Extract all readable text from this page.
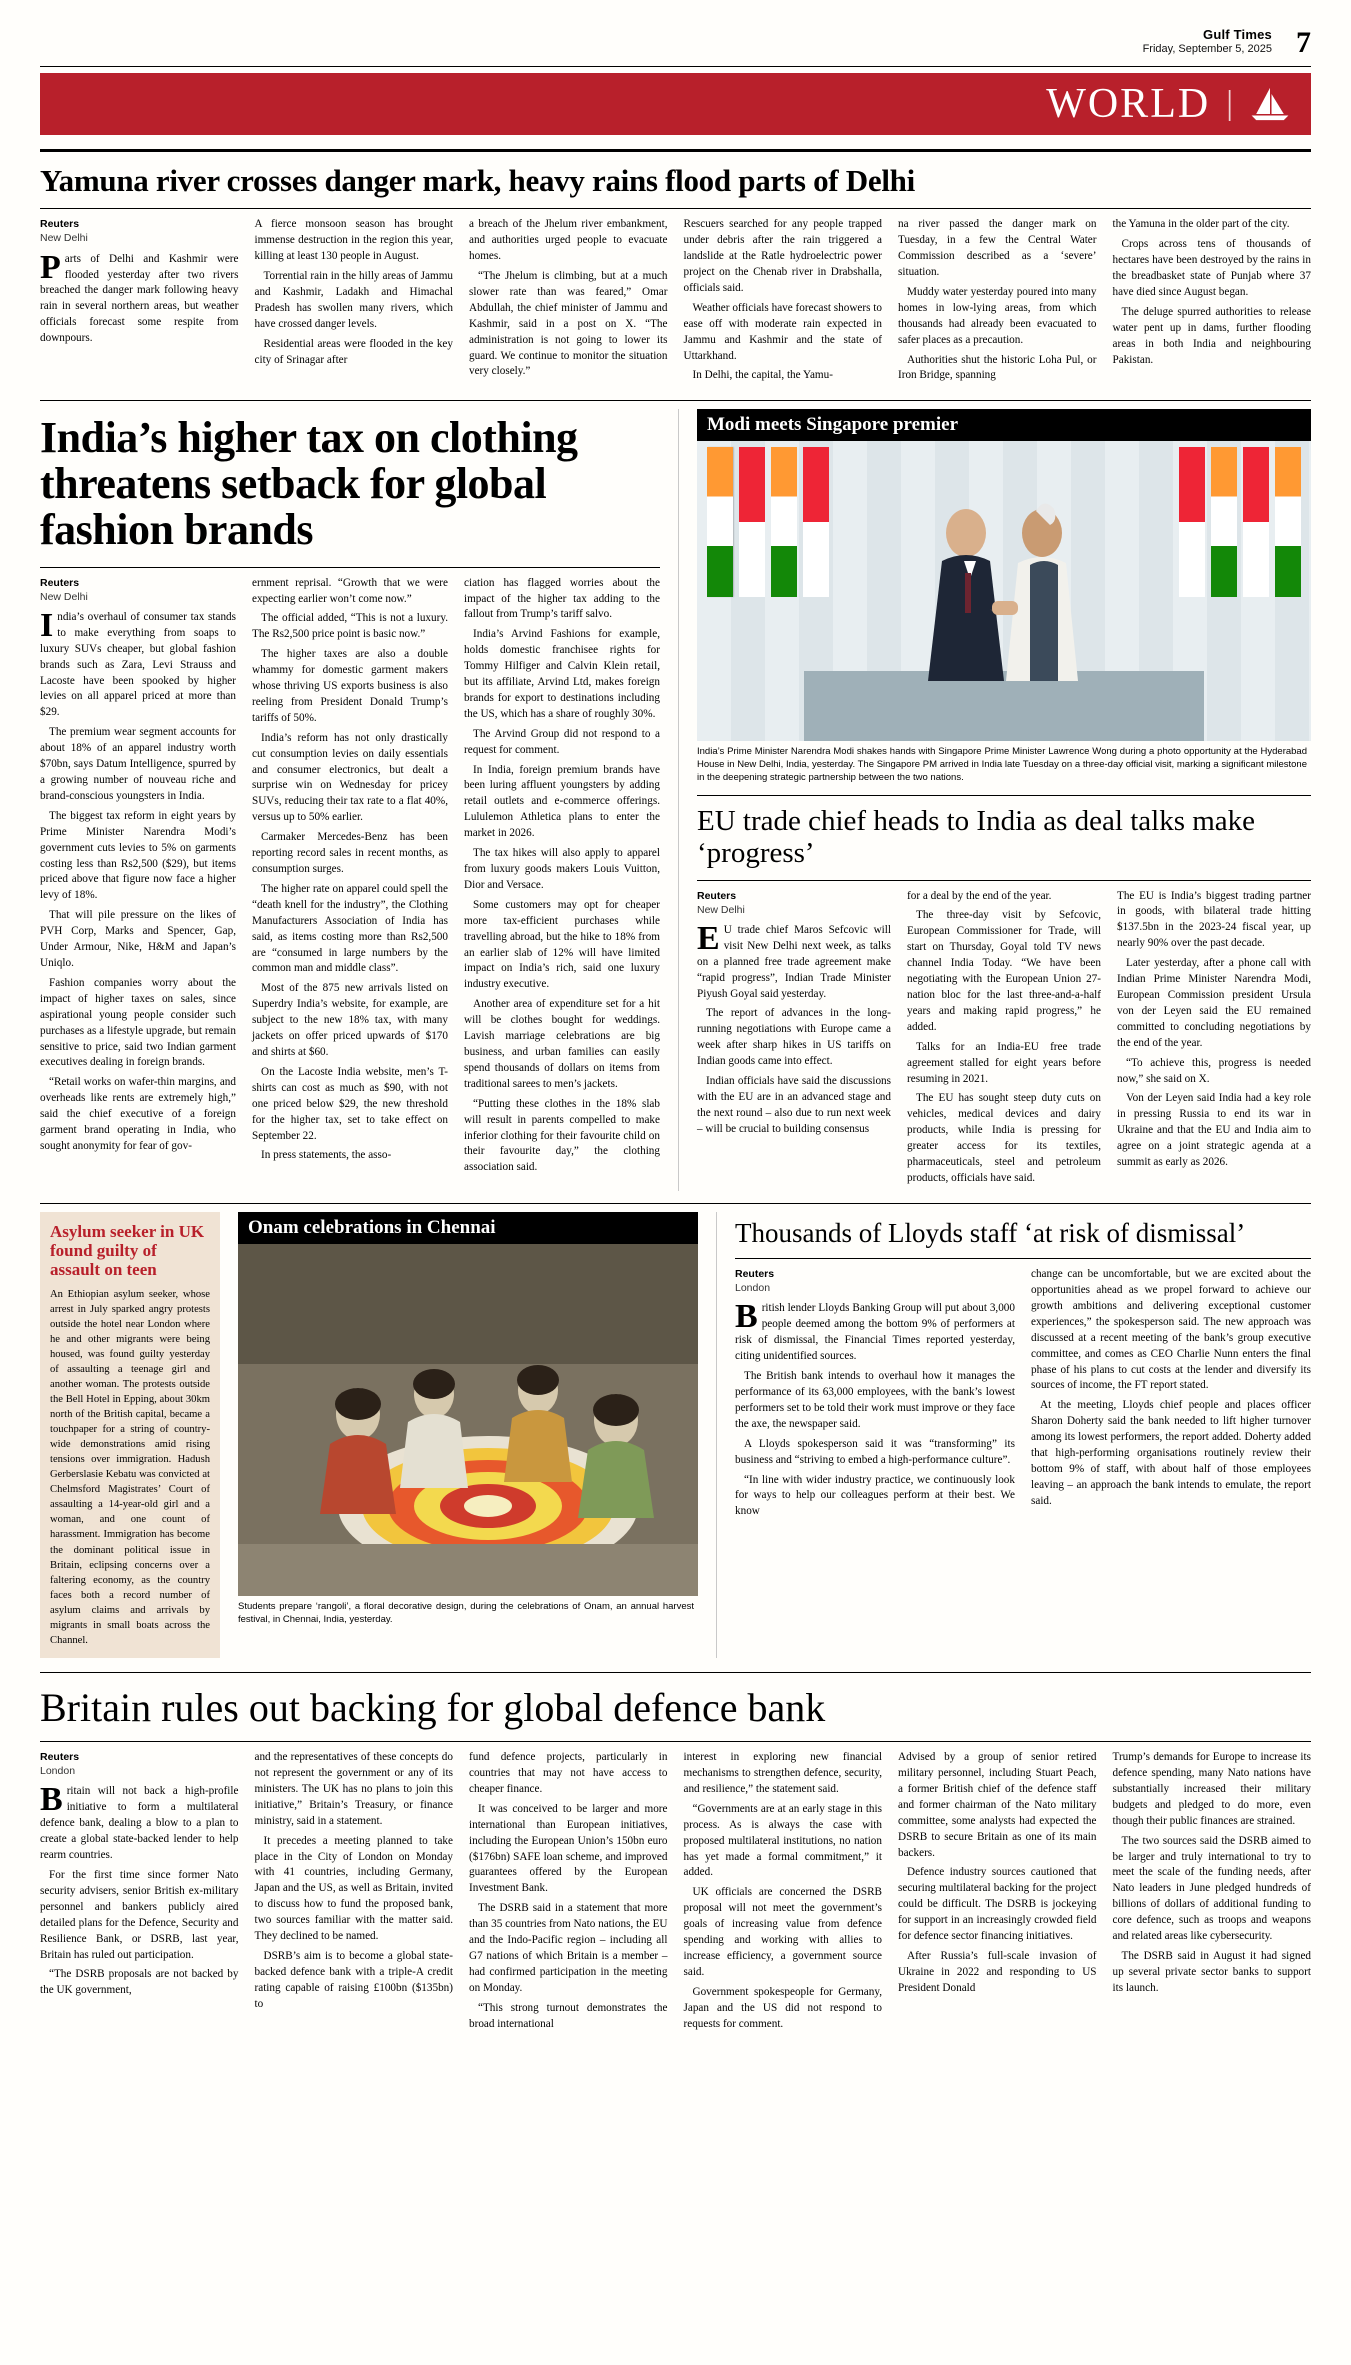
Gulf Times
Friday, September 5, 2025 7
WORLD |
Yamuna river crosses danger mark, heavy rains flood parts of Delhi
Reuters
New Delhi

Parts of Delhi and Kashmir were flooded yesterday after two rivers breached the danger mark following heavy rain in several northern areas, but weather officials forecast some respite from downpours.

A fierce monsoon season has brought immense destruction in the region this year, killing at least 130 people in August.

Torrential rain in the hilly areas of Jammu and Kashmir, Ladakh and Himachal Pradesh has swollen many rivers, which have crossed danger levels.

Residential areas were flooded in the key city of Srinagar after

a breach of the Jhelum river embankment, and authorities urged people to evacuate homes.

“The Jhelum is climbing, but at a much slower rate than was feared,” Omar Abdullah, the chief minister of Jammu and Kashmir, said in a post on X. “The administration is not going to lower its guard. We continue to monitor the situation very closely.”

Rescuers searched for any people trapped under debris after the rain triggered a landslide at the Ratle hydroelectric power project on the Chenab river in Drabshalla, officials said.

Weather officials have forecast showers to ease off with moderate rain expected in Jammu and Kashmir and the state of Uttarkhand.

In Delhi, the capital, the Yamu-

na river passed the danger mark on Tuesday, in a few the Central Water Commission described as a ‘severe’ situation.

Muddy water yesterday poured into many homes in low-lying areas, from which thousands had already been evacuated to safer places as a precaution.

Authorities shut the historic Loha Pul, or Iron Bridge, spanning

the Yamuna in the older part of the city.

Crops across tens of thousands of hectares have been destroyed by the rains in the breadbasket state of Punjab where 37 have died since August began.

The deluge spurred authorities to release water pent up in dams, further flooding areas in both India and neighbouring Pakistan.

India’s higher tax on clothing threatens setback for global fashion brands
Reuters
New Delhi

India’s overhaul of consumer tax stands to make everything from soaps to luxury SUVs cheaper, but global fashion brands such as Zara, Levi Strauss and Lacoste have been spooked by higher levies on all apparel priced at more than $29.

The premium wear segment accounts for about 18% of an apparel industry worth $70bn, says Datum Intelligence, spurred by a growing number of nouveau riche and brand-conscious youngsters in India.

The biggest tax reform in eight years by Prime Minister Narendra Modi’s government cuts levies to 5% on garments costing less than Rs2,500 ($29), but items priced above that figure now face a higher levy of 18%.

That will pile pressure on the likes of PVH Corp, Marks and Spencer, Gap, Under Armour, Nike, H&M and Japan’s Uniqlo.

Fashion companies worry about the impact of higher taxes on sales, since aspirational young people consider such purchases as a lifestyle upgrade, but remain sensitive to price, said two Indian garment executives dealing in foreign brands.

“Retail works on wafer-thin margins, and overheads like rents are extremely high,” said the chief executive of a foreign garment brand operating in India, who sought anonymity for fear of gov-

ernment reprisal. “Growth that we were expecting earlier won’t come now.”

The official added, “This is not a luxury. The Rs2,500 price point is basic now.”

The higher taxes are also a double whammy for domestic garment makers whose thriving US exports business is also reeling from President Donald Trump’s tariffs of 50%.

India’s reform has not only drastically cut consumption levies on daily essentials and consumer electronics, but dealt a surprise win on Wednesday for pricey SUVs, reducing their tax rate to a flat 40%, versus up to 50% earlier.

Carmaker Mercedes-Benz has been reporting record sales in recent months, as consumption surges.

The higher rate on apparel could spell the “death knell for the industry”, the Clothing Manufacturers Association of India has said, as items costing more than Rs2,500 are “consumed in large numbers by the common man and middle class”.

Most of the 875 new arrivals listed on Superdry India’s website, for example, are subject to the new 18% tax, with many jackets on offer priced upwards of $170 and shirts at $60.

On the Lacoste India website, men’s T-shirts can cost as much as $90, with not one priced below $29, the new threshold for the higher tax, set to take effect on September 22.

In press statements, the asso-

ciation has flagged worries about the impact of the higher tax adding to the fallout from Trump’s tariff salvo.

India’s Arvind Fashions for example, holds domestic franchisee rights for Tommy Hilfiger and Calvin Klein retail, but its affiliate, Arvind Ltd, makes foreign brands for export to destinations including the US, which has a share of roughly 30%.

The Arvind Group did not respond to a request for comment.

In India, foreign premium brands have been luring affluent youngsters by adding retail outlets and e-commerce offerings. Lululemon Athletica plans to enter the market in 2026.

The tax hikes will also apply to apparel from luxury goods makers Louis Vuitton, Dior and Versace.

Some customers may opt for cheaper more tax-efficient purchases while travelling abroad, but the hike to 18% from an earlier slab of 12% will have limited impact on India’s rich, said one luxury industry executive.

Another area of expenditure set for a hit will be clothes bought for weddings. Lavish marriage celebrations are big business, and urban families can easily spend thousands of dollars on items from traditional sarees to men’s jackets.

“Putting these clothes in the 18% slab will result in parents compelled to make inferior clothing for their favourite child on their favourite day,” the clothing association said.

Modi meets Singapore premier
India’s Prime Minister Narendra Modi shakes hands with Singapore Prime Minister Lawrence Wong during a photo opportunity at the Hyderabad House in New Delhi, India, yesterday. The Singapore PM arrived in India late Tuesday on a three-day official visit, marking a significant milestone in the deepening strategic partnership between the two nations.
EU trade chief heads to India as deal talks make ‘progress’
Reuters
New Delhi

EU trade chief Maros Sefcovic will visit New Delhi next week, as talks on a planned free trade agreement make “rapid progress”, Indian Trade Minister Piyush Goyal said yesterday.

The report of advances in the long-running negotiations with Europe came a week after sharp hikes in US tariffs on Indian goods came into effect.

Indian officials have said the discussions with the EU are in an advanced stage and the next round – also due to run next week – will be crucial to building consensus

for a deal by the end of the year.

The three-day visit by Sefcovic, European Commissioner for Trade, will start on Thursday, Goyal told TV news channel India Today. “We have been negotiating with the European Union 27-nation bloc for the last three-and-a-half years and making rapid progress,” he added.

Talks for an India-EU free trade agreement stalled for eight years before resuming in 2021.

The EU has sought steep duty cuts on vehicles, medical devices and dairy products, while India is pressing for greater access for its textiles, pharmaceuticals, steel and petroleum products, officials have said.

The EU is India’s biggest trading partner in goods, with bilateral trade hitting $137.5bn in the 2023-24 fiscal year, up nearly 90% over the past decade.

Later yesterday, after a phone call with Indian Prime Minister Narendra Modi, European Commission president Ursula von der Leyen said the EU remained committed to concluding negotiations by the end of the year.

“To achieve this, progress is needed now,” she said on X.

Von der Leyen said India had a key role in pressing Russia to end its war in Ukraine and that the EU and India aim to agree on a joint strategic agenda at a summit as early as 2026.

Asylum seeker in UK found guilty of assault on teen

An Ethiopian asylum seeker, whose arrest in July sparked angry protests outside the hotel near London where he and other migrants were being housed, was found guilty yesterday of assaulting a teenage girl and another woman. The protests outside the Bell Hotel in Epping, about 30km north of the British capital, became a touchpaper for a string of country-wide demonstrations amid rising tensions over immigration. Hadush Gerberslasie Kebatu was convicted at Chelmsford Magistrates’ Court of assaulting a 14-year-old girl and a woman, and one count of harassment. Immigration has become the dominant political issue in Britain, eclipsing concerns over a faltering economy, as the country faces both a record number of asylum claims and arrivals by migrants in small boats across the Channel.

Onam celebrations in Chennai
Students prepare ‘rangoli’, a floral decorative design, during the celebrations of Onam, an annual harvest festival, in Chennai, India, yesterday.
Thousands of Lloyds staff ‘at risk of dismissal’
Reuters
London

British lender Lloyds Banking Group will put about 3,000 people deemed among the bottom 9% of performers at risk of dismissal, the Financial Times reported yesterday, citing unidentified sources.

The British bank intends to overhaul how it manages the performance of its 63,000 employees, with the bank’s lowest performers set to be told their work must improve or they face the axe, the newspaper said.

A Lloyds spokesperson said it was “transforming” its business and “striving to embed a high-performance culture”.

“In line with wider industry practice, we continuously look for ways to help our colleagues perform at their best. We know

change can be uncomfortable, but we are excited about the opportunities ahead as we propel forward to achieve our growth ambitions and delivering exceptional customer experiences,” the spokesperson said. The new approach was discussed at a recent meeting of the bank’s group executive committee, and comes as CEO Charlie Nunn enters the final phase of his plans to cut costs at the lender and diversify its sources of income, the FT report stated.

At the meeting, Lloyds chief people and places officer Sharon Doherty said the bank needed to lift higher turnover among its lowest performers, the report added. Doherty added that high-performing organisations routinely review their bottom 9% of staff, with about half of those employees leaving – an approach the bank intends to emulate, the report said.

Britain rules out backing for global defence bank
Reuters
London

Britain will not back a high-profile initiative to form a multilateral defence bank, dealing a blow to a plan to create a global state-backed lender to help rearm countries.

For the first time since former Nato security advisers, senior British ex-military personnel and bankers publicly aired detailed plans for the Defence, Security and Resilience Bank, or DSRB, last year, Britain has ruled out participation.

“The DSRB proposals are not backed by the UK government,

and the representatives of these concepts do not represent the government or any of its ministers. The UK has no plans to join this initiative,” Britain’s Treasury, or finance ministry, said in a statement.

It precedes a meeting planned to take place in the City of London on Monday with 41 countries, including Germany, Japan and the US, as well as Britain, invited to discuss how to fund the proposed bank, two sources familiar with the matter said. They declined to be named.

DSRB’s aim is to become a global state-backed defence bank with a triple-A credit rating capable of raising £100bn ($135bn) to

fund defence projects, particularly in countries that may not have access to cheaper finance.

It was conceived to be larger and more international than European initiatives, including the European Union’s 150bn euro ($176bn) SAFE loan scheme, and improved guarantees offered by the European Investment Bank.

The DSRB said in a statement that more than 35 countries from Nato nations, the EU and the Indo-Pacific region – including all G7 nations of which Britain is a member – had confirmed participation in the meeting on Monday.

“This strong turnout demonstrates the broad international

interest in exploring new financial mechanisms to strengthen defence, security, and resilience,” the statement said.

“Governments are at an early stage in this process. As is always the case with proposed multilateral institutions, no nation has yet made a formal commitment,” it added.

UK officials are concerned the DSRB proposal will not meet the government’s goals of increasing value from defence spending and working with allies to increase efficiency, a government source said.

Government spokespeople for Germany, Japan and the US did not respond to requests for comment.

Advised by a group of senior retired military personnel, including Stuart Peach, a former British chief of the defence staff and former chairman of the Nato military committee, some analysts had expected the DSRB to secure Britain as one of its main backers.

Defence industry sources cautioned that securing multilateral backing for the project could be difficult. The DSRB is jockeying for support in an increasingly crowded field for defence sector financing initiatives.

After Russia’s full-scale invasion of Ukraine in 2022 and responding to US President Donald

Trump’s demands for Europe to increase its defence spending, many Nato nations have substantially increased their military budgets and pledged to do more, even though their public finances are strained.

The two sources said the DSRB aimed to be larger and truly international to try to meet the scale of the funding needs, after Nato leaders in June pledged hundreds of billions of dollars of additional funding to core defence, such as troops and weapons and related areas like cybersecurity.

The DSRB said in August it had signed up several private sector banks to support its launch.
